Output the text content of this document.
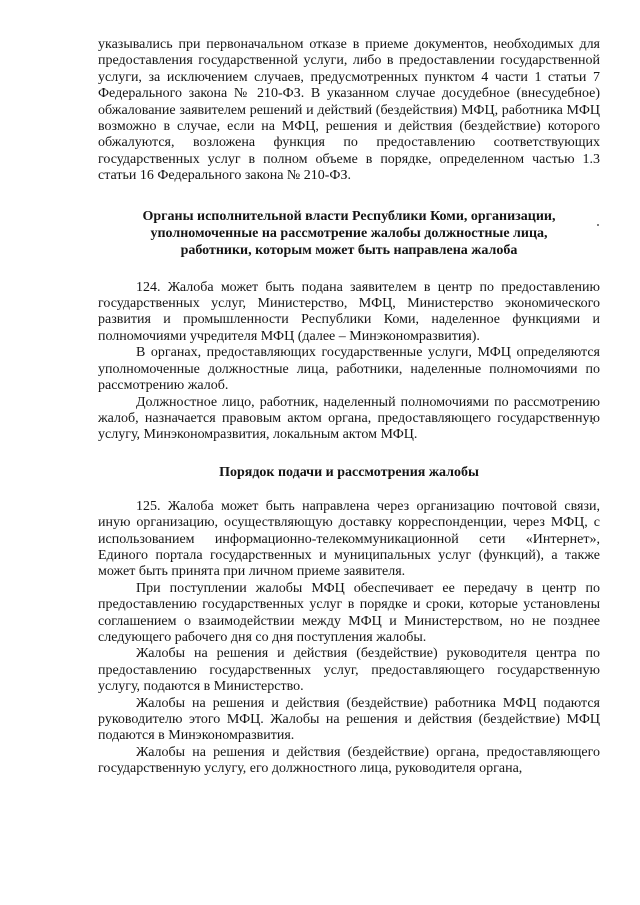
указывались при первоначальном отказе в приеме документов, необходимых для предоставления государственной услуги, либо в предоставлении государственной услуги, за исключением случаев, предусмотренных пунктом 4 части 1 статьи 7 Федерального закона № 210-ФЗ. В указанном случае досудебное (внесудебное) обжалование заявителем решений и действий (бездействия) МФЦ, работника МФЦ возможно в случае, если на МФЦ, решения и действия (бездействие) которого обжалуются, возложена функция по предоставлению соответствующих государственных услуг в полном объеме в порядке, определенном частью 1.3 статьи 16 Федерального закона № 210-ФЗ.

Органы исполнительной власти Республики Коми, организации, уполномоченные на рассмотрение жалобы должностные лица, работники, которым может быть направлена жалоба

124. Жалоба может быть подана заявителем в центр по предоставлению государственных услуг, Министерство, МФЦ, Министерство экономического развития и промышленности Республики Коми, наделенное функциями и полномочиями учредителя МФЦ (далее – Минэкономразвития).

В органах, предоставляющих государственные услуги, МФЦ определяются уполномоченные должностные лица, работники, наделенные полномочиями по рассмотрению жалоб.

Должностное лицо, работник, наделенный полномочиями по рассмотрению жалоб, назначается правовым актом органа, предоставляющего государственную услугу, Минэкономразвития, локальным актом МФЦ.

Порядок подачи и рассмотрения жалобы

125. Жалоба может быть направлена через организацию почтовой связи, иную организацию, осуществляющую доставку корреспонденции, через МФЦ, с использованием информационно-телекоммуникационной сети «Интернет», Единого портала государственных и муниципальных услуг (функций), а также может быть принята при личном приеме заявителя.

При поступлении жалобы МФЦ обеспечивает ее передачу в центр по предоставлению государственных услуг в порядке и сроки, которые установлены соглашением о взаимодействии между МФЦ и Министерством, но не позднее следующего рабочего дня со дня поступления жалобы.

Жалобы на решения и действия (бездействие) руководителя центра по предоставлению государственных услуг, предоставляющего государственную услугу, подаются в Министерство.

Жалобы на решения и действия (бездействие) работника МФЦ подаются руководителю этого МФЦ. Жалобы на решения и действия (бездействие) МФЦ подаются в Минэкономразвития.

Жалобы на решения и действия (бездействие) органа, предоставляющего государственную услугу, его должностного лица, руководителя органа,
